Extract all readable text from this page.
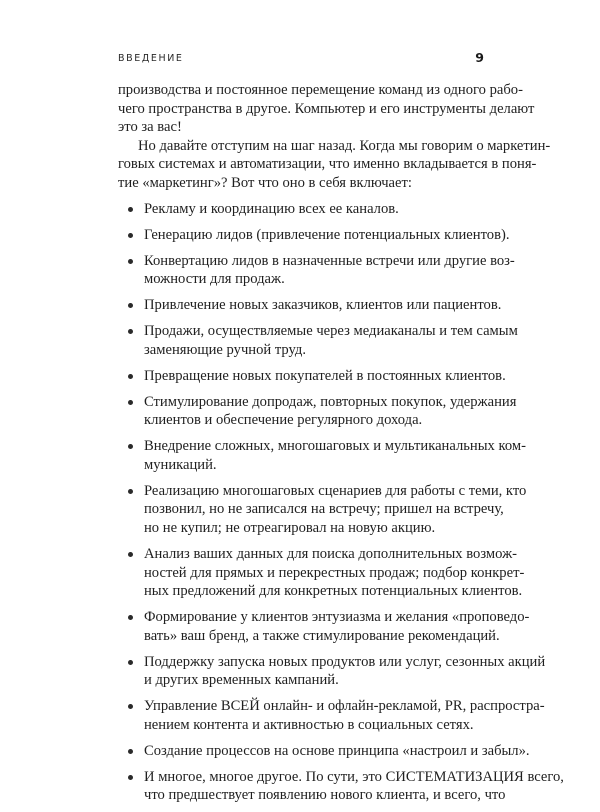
ВВЕДЕНИЕ	9

производства и постоянное перемещение команд из одного рабо-
чего пространства в другое. Компьютер и его инструменты делают
это за вас!

Но давайте отступим на шаг назад. Когда мы говорим о маркетин-
говых системах и автоматизации, что именно вкладывается в поня-
тие «маркетинг»? Вот что оно в себя включает:

Рекламу и координацию всех ее каналов.
Генерацию лидов (привлечение потенциальных клиентов).
Конвертацию лидов в назначенные встречи или другие воз-
можности для продаж.
Привлечение новых заказчиков, клиентов или пациентов.
Продажи, осуществляемые через медиаканалы и тем самым
заменяющие ручной труд.
Превращение новых покупателей в постоянных клиентов.
Стимулирование допродаж, повторных покупок, удержания
клиентов и обеспечение регулярного дохода.
Внедрение сложных, многошаговых и мультиканальных ком-
муникаций.
Реализацию многошаговых сценариев для работы с теми, кто
позвонил, но не записался на встречу; пришел на встречу,
но не купил; не отреагировал на новую акцию.
Анализ ваших данных для поиска дополнительных возмож-
ностей для прямых и перекрестных продаж; подбор конкрет-
ных предложений для конкретных потенциальных клиентов.
Формирование у клиентов энтузиазма и желания «проповедо-
вать» ваш бренд, а также стимулирование рекомендаций.
Поддержку запуска новых продуктов или услуг, сезонных акций
и других временных кампаний.
Управление ВСЕЙ онлайн- и офлайн-рекламой, PR, распростра-
нением контента и активностью в социальных сетях.
Создание процессов на основе принципа «настроил и забыл».
И многое, многое другое. По сути, это СИСТЕМАТИЗАЦИЯ всего,
что предшествует появлению нового клиента, и всего, что
